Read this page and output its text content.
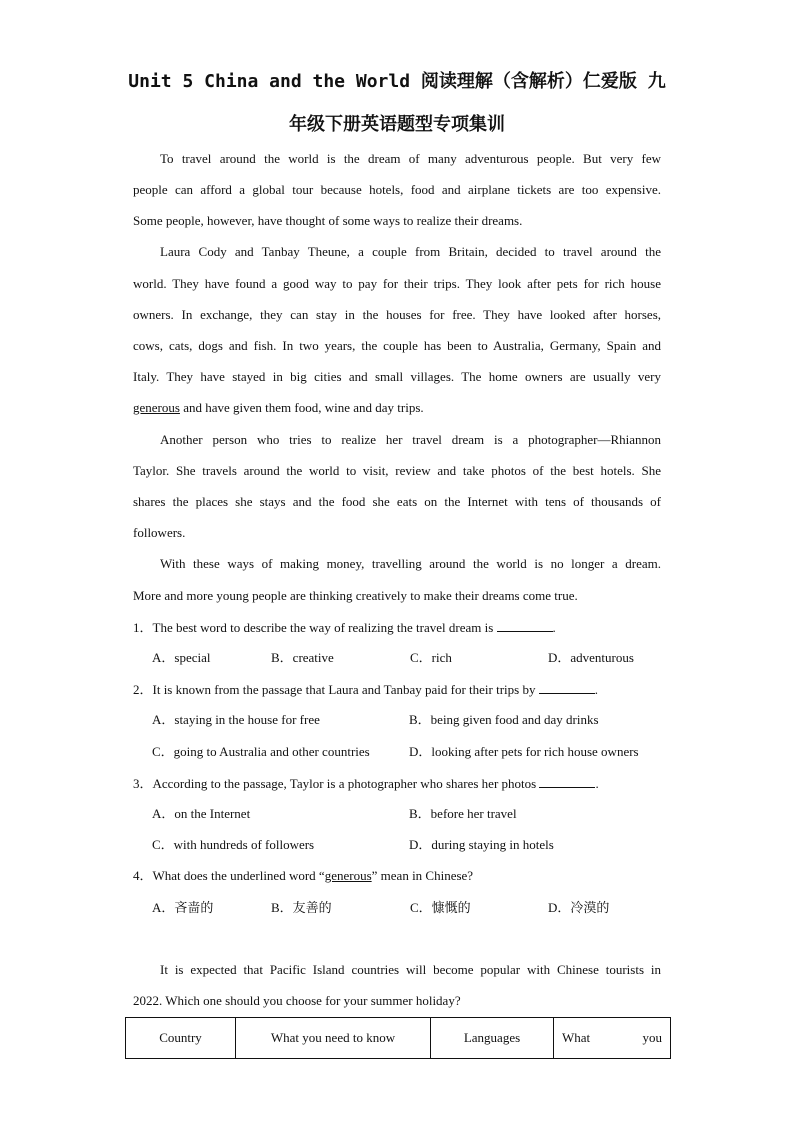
Unit 5 China and the World 阅读理解（含解析）仁爱版 九
年级下册英语题型专项集训
To travel around the world is the dream of many adventurous people. But very few
people can afford a global tour because hotels, food and airplane tickets are too expensive.
Some people, however, have thought of some ways to realize their dreams.
Laura Cody and Tanbay Theune, a couple from Britain, decided to travel around the
world. They have found a good way to pay for their trips. They look after pets for rich house
owners. In exchange, they can stay in the houses for free. They have looked after horses,
cows, cats, dogs and fish. In two years, the couple has been to Australia, Germany, Spain and
Italy. They have stayed in big cities and small villages. The home owners are usually very
generous and have given them food, wine and day trips.
Another person who tries to realize her travel dream is a photographer—Rhiannon
Taylor. She travels around the world to visit, review and take photos of the best hotels. She
shares the places she stays and the food she eats on the Internet with tens of thousands of
followers.
With these ways of making money, travelling around the world is no longer a dream.
More and more young people are thinking creatively to make their dreams come true.
1．The best word to describe the way of realizing the travel dream is	.
A．special	B．creative	C．rich	D．adventurous
2．It is known from the passage that Laura and Tanbay paid for their trips by	.
A．staying in the house for free	B．being given food and day drinks
C．going to Australia and other countries	D．looking after pets for rich house owners
3．According to the passage, Taylor is a photographer who shares her photos	.
A．on the Internet	B．before her travel
C．with hundreds of followers	D．during staying in hotels
4．What does the underlined word “generous” mean in Chinese?
A．吝啬的	B．友善的	C．慷慨的	D．冷漠的
It is expected that Pacific Island countries will become popular with Chinese tourists in
2022. Which one should you choose for your summer holiday?
Country	What you need to know	Languages	What you
